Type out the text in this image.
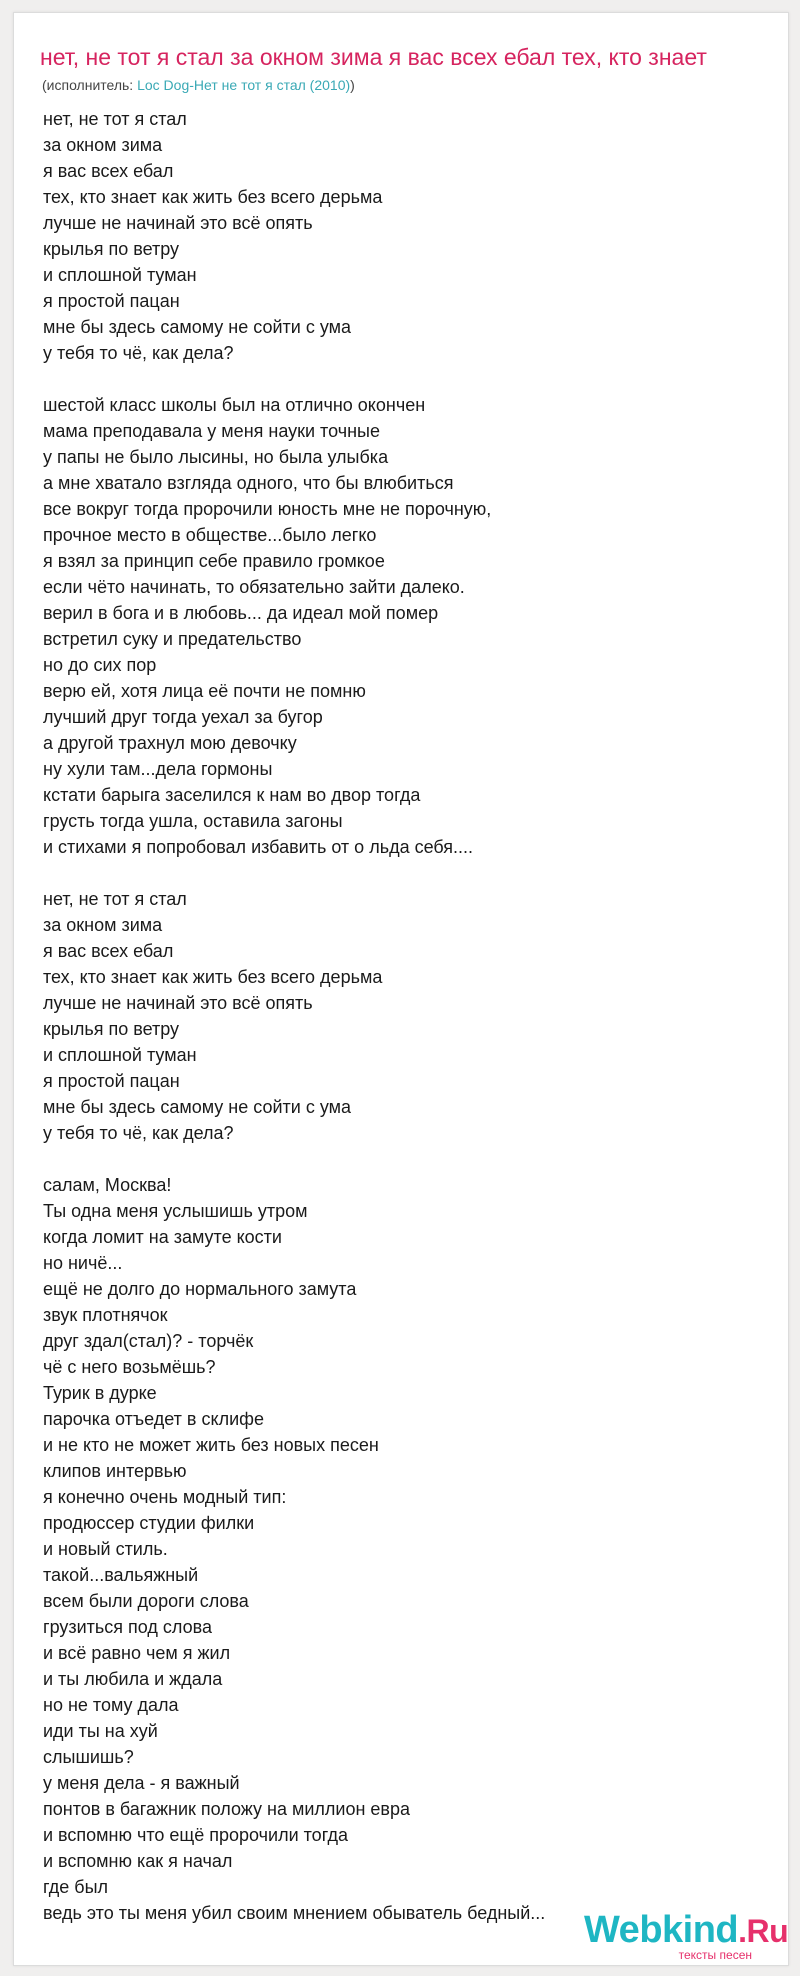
нет, не тот я стал за окном зима я вас всех ебал тех, кто знает
(исполнитель: Loc Dog-Нет не тот я стал (2010))
нет, не тот я стал
за окном зима
я вас всех ебал
тех, кто знает как жить без всего дерьма
лучше не начинай это всё опять
крылья по ветру
и сплошной туман
я простой пацан
мне бы здесь самому не сойти с ума
у тебя то чё, как дела?
шестой класс школы был на отлично окончен
мама преподавала у меня науки точные
у папы не было лысины, но была улыбка
а мне хватало взгляда одного, что бы влюбиться
все вокруг тогда пророчили юность мне не порочную,
прочное место в обществе...было легко
я взял за принцип себе правило громкое
если чёто начинать, то обязательно зайти далеко.
верил в бога и в любовь... да идеал мой помер
встретил суку и предательство
но до сих пор
верю ей, хотя лица её почти не помню
лучший друг тогда уехал за бугор
а другой трахнул мою девочку
ну хули там...дела гормоны
кстати барыга заселился к нам во двор тогда
грусть тогда ушла, оставила загоны
и стихами я попробовал избавить от о льда себя....
нет, не тот я стал
за окном зима
я вас всех ебал
тех, кто знает как жить без всего дерьма
лучше не начинай это всё опять
крылья по ветру
и сплошной туман
я простой пацан
мне бы здесь самому не сойти с ума
у тебя то чё, как дела?
салам, Москва!
Ты одна меня услышишь утром
когда ломит на замуте кости
но ничё...
ещё не долго до нормального замута
звук плотнячок
друг здал(стал)? - торчёк
чё с него возьмёшь?
Турик в дурке
парочка отъедет в склифе
и не кто не может жить без новых песен
клипов интервью
я конечно очень модный тип:
продюссер студии филки
и новый стиль.
такой...вальяжный
всем были дороги слова
грузиться под слова
и всё равно чем я жил
и ты любила и ждала
но не тому дала
иди ты на хуй
слышишь?
у меня дела - я важный
понтов в багажник положу на миллион евра
и вспомню что ещё пророчили тогда
и вспомню как я начал
где был
ведь это ты меня убил своим мнением обыватель бедный... Webkind.Ru
тексты песен
